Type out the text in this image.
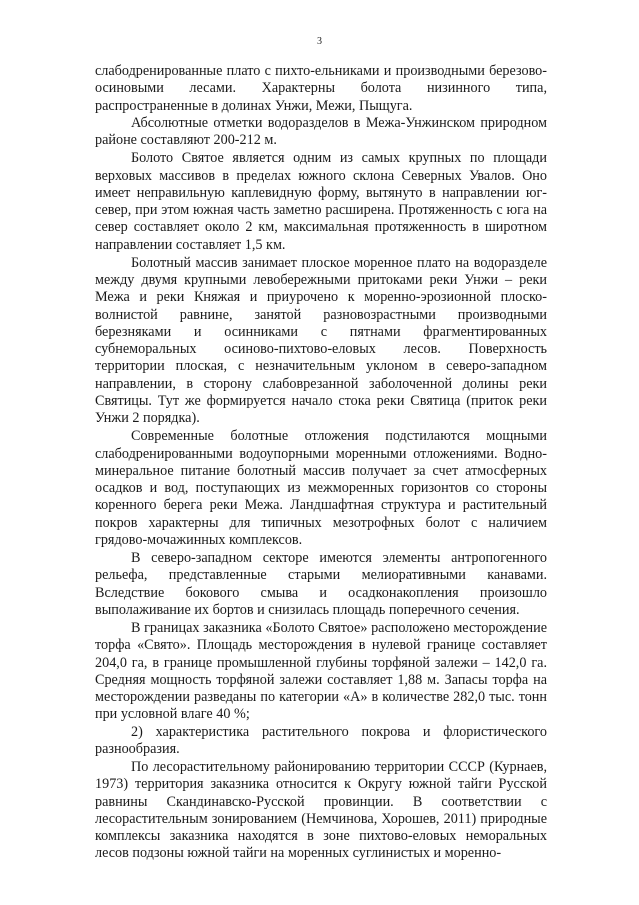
3

слабодренированные плато с пихто-ельниками и производными березово-осиновыми лесами. Характерны болота низинного типа, распространенные в долинах Унжи, Межи, Пыщуга.

Абсолютные отметки водоразделов в Межа-Унжинском природном районе составляют 200-212 м.

Болото Святое является одним из самых крупных по площади верховых массивов в пределах южного склона Северных Увалов. Оно имеет неправильную каплевидную форму, вытянуто в направлении юг-север, при этом южная часть заметно расширена. Протяженность с юга на север составляет около 2 км, максимальная протяженность в широтном направлении составляет 1,5 км.

Болотный массив занимает плоское моренное плато на водоразделе между двумя крупными левобережными притоками реки Унжи – реки Межа и реки Княжая и приурочено к моренно-эрозионной плоско-волнистой равнине, занятой разновозрастными производными березняками и осинниками с пятнами фрагментированных субнеморальных осиново-пихтово-еловых лесов. Поверхность территории плоская, с незначительным уклоном в северо-западном направлении, в сторону слабоврезанной заболоченной долины реки Святицы. Тут же формируется начало стока реки Святица (приток реки Унжи 2 порядка).

Современные болотные отложения подстилаются мощными слабодренированными водоупорными моренными отложениями. Водно-минеральное питание болотный массив получает за счет атмосферных осадков и вод, поступающих из межморенных горизонтов со стороны коренного берега реки Межа. Ландшафтная структура и растительный покров характерны для типичных мезотрофных болот с наличием грядово-мочажинных комплексов.

В северо-западном секторе имеются элементы антропогенного рельефа, представленные старыми мелиоративными канавами. Вследствие бокового смыва и осадконакопления произошло выполаживание их бортов и снизилась площадь поперечного сечения.

В границах заказника «Болото Святое» расположено месторождение торфа «Свято». Площадь месторождения в нулевой границе составляет 204,0 га, в границе промышленной глубины торфяной залежи – 142,0 га. Средняя мощность торфяной залежи составляет 1,88 м. Запасы торфа на месторождении разведаны по категории «А» в количестве 282,0 тыс. тонн при условной влаге 40 %;

2) характеристика растительного покрова и флористического разнообразия.

По лесорастительному районированию территории СССР (Курнаев, 1973) территория заказника относится к Округу южной тайги Русской равнины Скандинавско-Русской провинции. В соответствии с лесорастительным зонированием (Немчинова, Хорошев, 2011) природные комплексы заказника находятся в зоне пихтово-еловых неморальных лесов подзоны южной тайги на моренных суглинистых и моренно-
